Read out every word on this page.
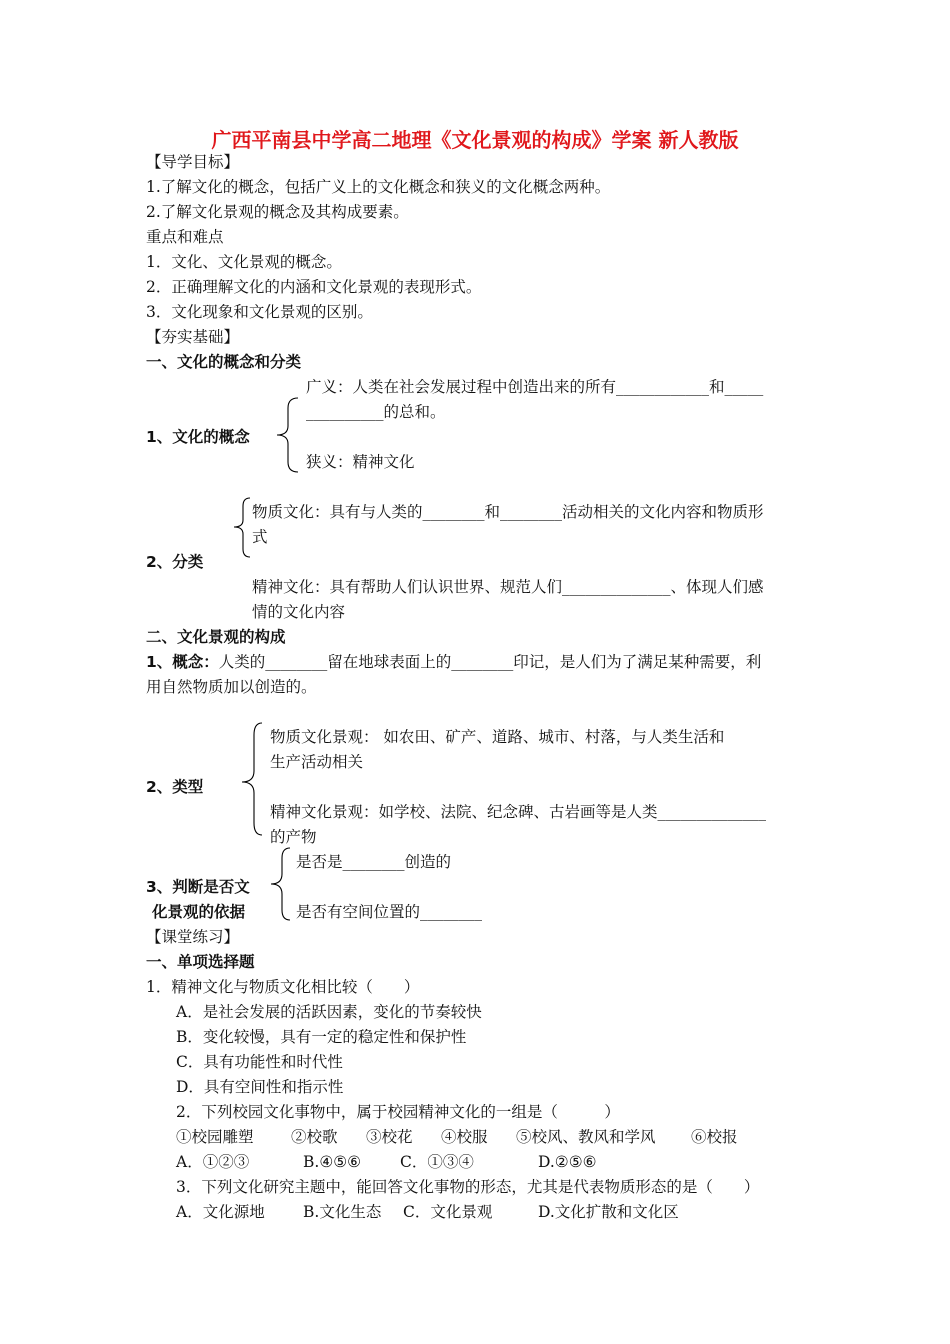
广西平南县中学高二地理《文化景观的构成》学案 新人教版
【导学目标】
1.了解文化的概念，包括广义上的文化概念和狭义的文化概念两种。
2.了解文化景观的概念及其构成要素。
重点和难点
1．文化、文化景观的概念。
2．正确理解文化的内涵和文化景观的表现形式。
3．文化现象和文化景观的区别。
【夯实基础】
一、文化的概念和分类
广义：人类在社会发展过程中创造出来的所有____________和_____
__________的总和。
1、文化的概念
狭义：精神文化
物质文化：具有与人类的________和________活动相关的文化内容和物质形
式
2、分类
精神文化：具有帮助人们认识世界、规范人们______________、体现人们感
情的文化内容
二、文化景观的构成
1、概念：人类的________留在地球表面上的________印记，是人们为了满足某种需要，利
用自然物质加以创造的。
物质文化景观： 如农田、矿产、道路、城市、村落，与人类生活和
生产活动相关
2、类型
精神文化景观：如学校、法院、纪念碑、古岩画等是人类______________
的产物
是否是________创造的
3、判断是否文
是否有空间位置的________
化景观的依据
【课堂练习】
一、单项选择题
1．精神文化与物质文化相比较（　　）
A．是社会发展的活跃因素，变化的节奏较快
B．变化较慢，具有一定的稳定性和保护性
C．具有功能性和时代性
D．具有空间性和指示性
2．下列校园文化事物中，属于校园精神文化的一组是（　　　）
①校园雕塑 ②校歌 ③校花 ④校服 ⑤校风、教风和学风 ⑥校报
A．①②③	B.④⑤⑥	C．①③④	D.②⑤⑥
3．下列文化研究主题中，能回答文化事物的形态，尤其是代表物质形态的是（　　）
A．文化源地 B.文化生态 C．文化景观	D.文化扩散和文化区
